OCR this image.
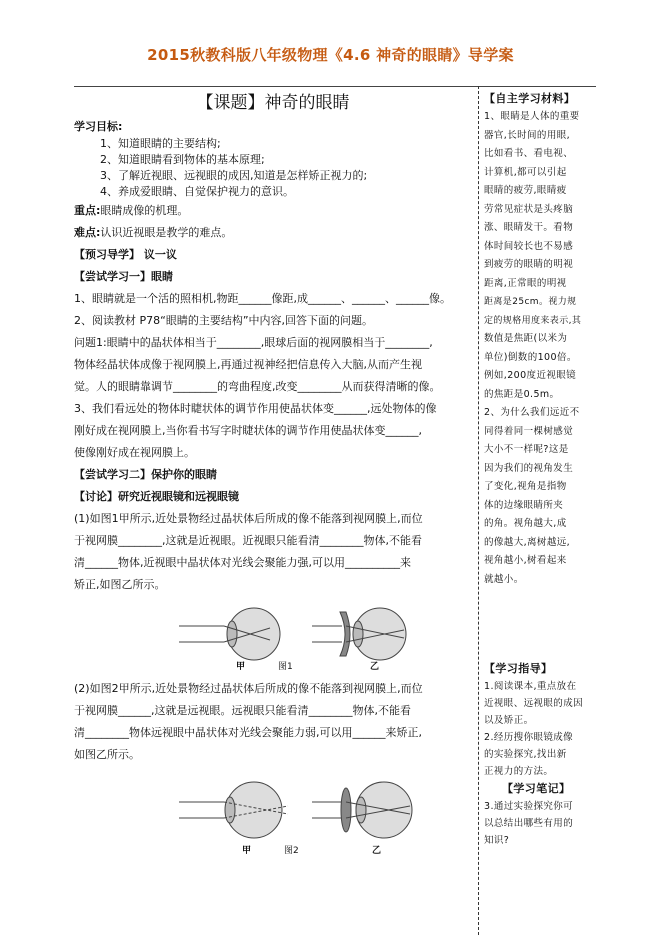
2015秋教科版八年级物理《4.6 神奇的眼睛》导学案
【课题】神奇的眼睛

学习目标:

1、知道眼睛的主要结构;

2、知道眼睛看到物体的基本原理;

3、了解近视眼、远视眼的成因,知道是怎样矫正视力的;

4、养成爱眼睛、自觉保护视力的意识。

重点:眼睛成像的机理。

难点:认识近视眼是教学的难点。

【预习导学】 议一议

【尝试学习一】眼睛

1、眼睛就是一个活的照相机,物距______像距,成______、______、______像。

2、阅读教材 P78“眼睛的主要结构”中内容,回答下面的问题。

问题1:眼睛中的晶状体相当于________,眼球后面的视网膜相当于________,

物体经晶状体成像于视网膜上,再通过视神经把信息传入大脑,从而产生视

觉。人的眼睛靠调节________的弯曲程度,改变________从而获得清晰的像。

3、我们看远处的物体时睫状体的调节作用使晶状体变______,远处物体的像

刚好成在视网膜上,当你看书写字时睫状体的调节作用使晶状体变______,

使像刚好成在视网膜上。

【尝试学习二】保护你的眼睛

【讨论】研究近视眼镜和远视眼镜

(1)如图1甲所示,近处景物经过晶状体后所成的像不能落到视网膜上,而位

于视网膜________,这就是近视眼。近视眼只能看清________物体,不能看

清______物体,近视眼中晶状体对光线会聚能力强,可以用__________来

矫正,如图乙所示。

甲	图1	乙

(2)如图2甲所示,近处景物经过晶状体后所成的像不能落到视网膜上,而位

于视网膜______,这就是远视眼。远视眼只能看清________物体,不能看

清________物体远视眼中晶状体对光线会聚能力弱,可以用______来矫正,

如图乙所示。

甲	图2	乙
【自主学习材料】
1、眼睛是人体的重要
器官,长时间的用眼,
比如看书、看电视、
计算机,都可以引起
眼睛的疲劳,眼睛疲
劳常见症状是头疼脑
涨、眼睛发干。看物
体时间较长也不易感
到疲劳的眼睛的明视
距离,正常眼的明视
距离是25cm。视力规
定的规格用度来表示,其
数值是焦距(以米为
单位)倒数的100倍。
例如,200度近视眼镜
的焦距是0.5m。
2、为什么我们远近不
同得着同一棵树感觉
大小不一样呢?这是
因为我们的视角发生
了变化,视角是指物
体的边缘眼睛所夹
的角。视角越大,成
的像越大,离树越远,
视角越小,树看起来
就越小。
【学习指导】
1.阅读课本,重点放在
近视眼、远视眼的成因
以及矫正。
2.经历搜你眼镜成像
的实验探究,找出新
正视力的方法。
【学习笔记】
3.通过实验探究你可
以总结出哪些有用的
知识?
